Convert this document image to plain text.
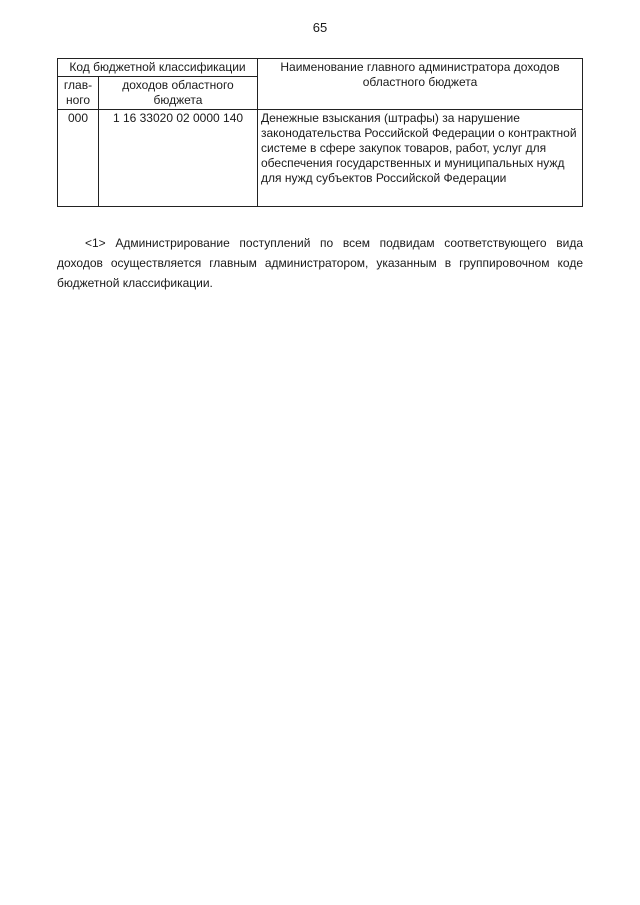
65
Код бюджетной классификации		Наименование главного администратора доходов областного бюджета
глав-ного	доходов областного бюджета	
000	1 16 33020 02 0000 140	Денежные взыскания (штрафы) за нарушение законодательства Российской Федерации о контрактной системе в сфере закупок товаров, работ, услуг для обеспечения государственных и муниципальных нужд для нужд субъектов Российской Федерации

<1> Администрирование поступлений по всем подвидам соответствующего вида доходов осуществляется главным администратором, указанным в группировочном коде бюджетной классификации.
